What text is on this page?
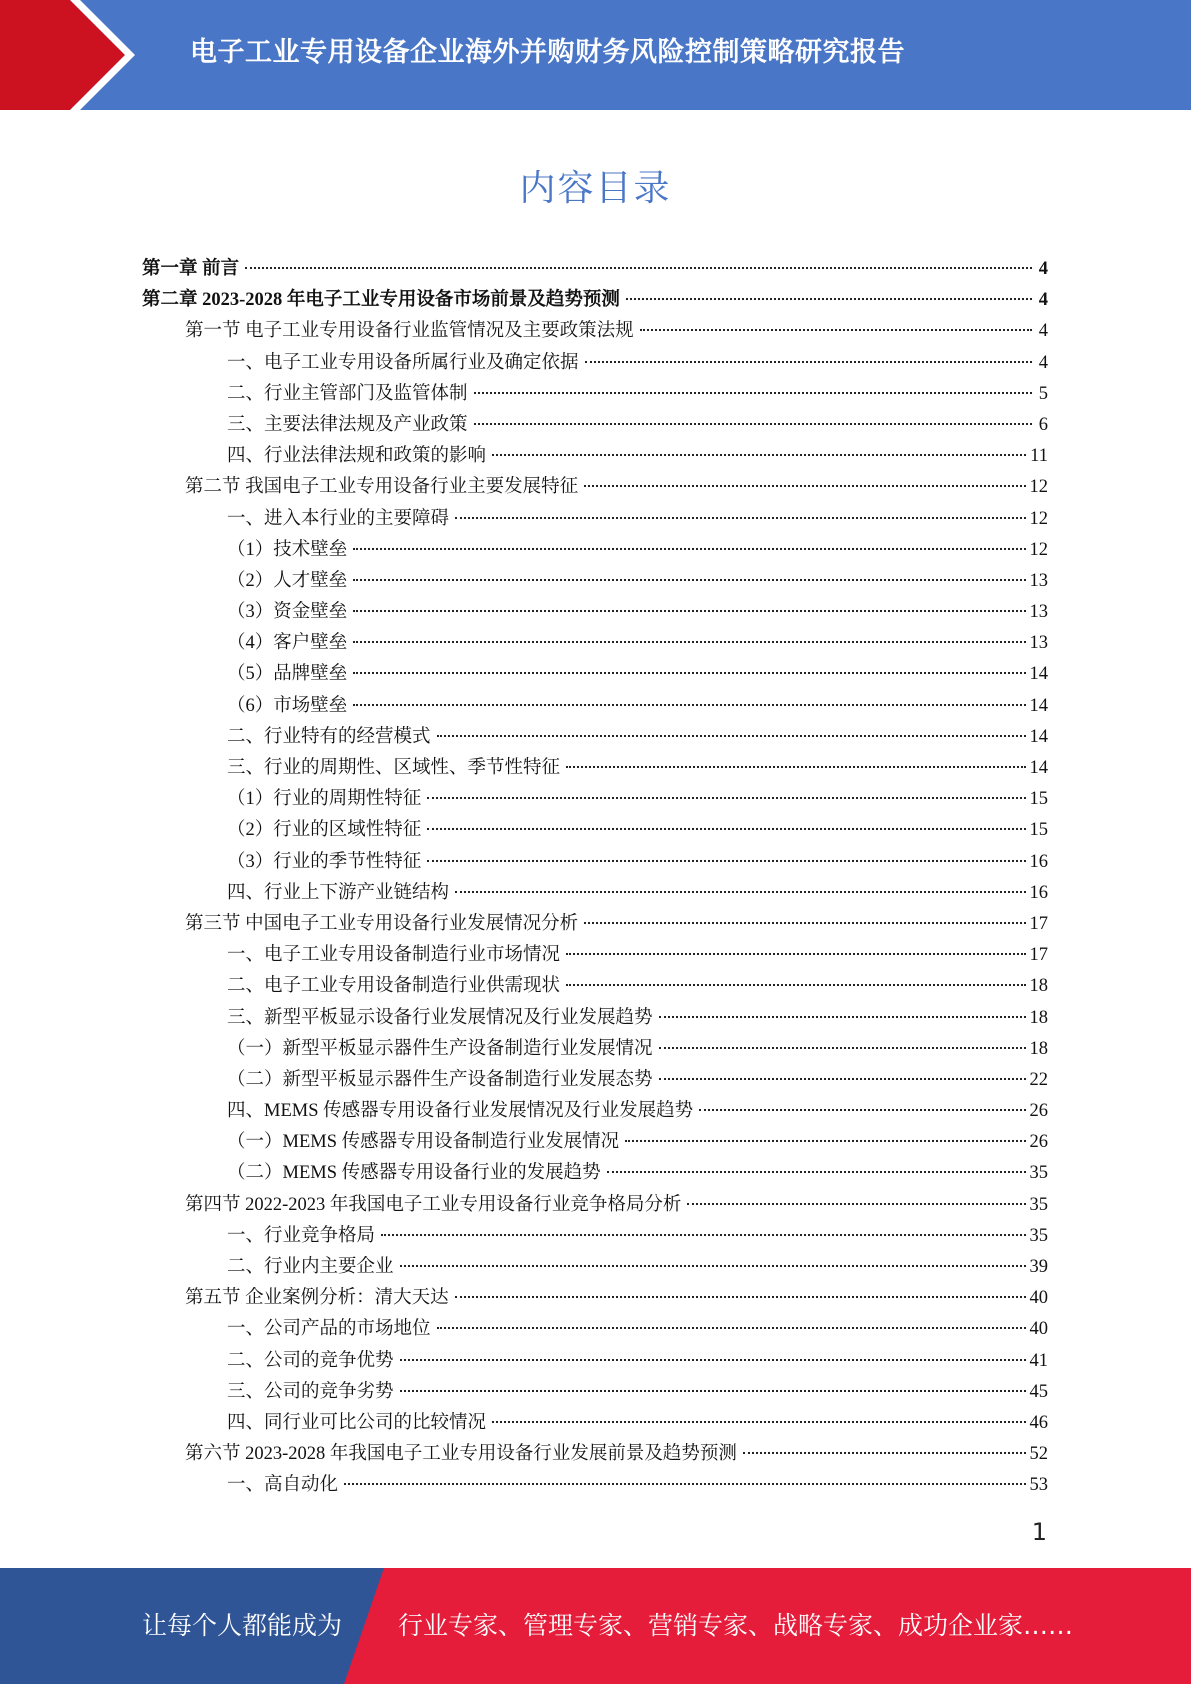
电子工业专用设备企业海外并购财务风险控制策略研究报告
内容目录
第一章 前言	4
第二章 2023-2028 年电子工业专用设备市场前景及趋势预测	4
第一节 电子工业专用设备行业监管情况及主要政策法规	4
一、电子工业专用设备所属行业及确定依据	4
二、行业主管部门及监管体制	5
三、主要法律法规及产业政策	6
四、行业法律法规和政策的影响	11
第二节 我国电子工业专用设备行业主要发展特征	12
一、进入本行业的主要障碍	12
（1）技术壁垒	12
（2）人才壁垒	13
（3）资金壁垒	13
（4）客户壁垒	13
（5）品牌壁垒	14
（6）市场壁垒	14
二、行业特有的经营模式	14
三、行业的周期性、区域性、季节性特征	14
（1）行业的周期性特征	15
（2）行业的区域性特征	15
（3）行业的季节性特征	16
四、行业上下游产业链结构	16
第三节 中国电子工业专用设备行业发展情况分析	17
一、电子工业专用设备制造行业市场情况	17
二、电子工业专用设备制造行业供需现状	18
三、新型平板显示设备行业发展情况及行业发展趋势	18
（一）新型平板显示器件生产设备制造行业发展情况	18
（二）新型平板显示器件生产设备制造行业发展态势	22
四、MEMS 传感器专用设备行业发展情况及行业发展趋势	26
（一）MEMS 传感器专用设备制造行业发展情况	26
（二）MEMS 传感器专用设备行业的发展趋势	35
第四节 2022-2023 年我国电子工业专用设备行业竞争格局分析	35
一、行业竞争格局	35
二、行业内主要企业	39
第五节 企业案例分析：清大天达	40
一、公司产品的市场地位	40
二、公司的竞争优势	41
三、公司的竞争劣势	45
四、同行业可比公司的比较情况	46
第六节 2023-2028 年我国电子工业专用设备行业发展前景及趋势预测	52
一、高自动化	53
1
让每个人都能成为 行业专家、管理专家、营销专家、战略专家、成功企业家……
